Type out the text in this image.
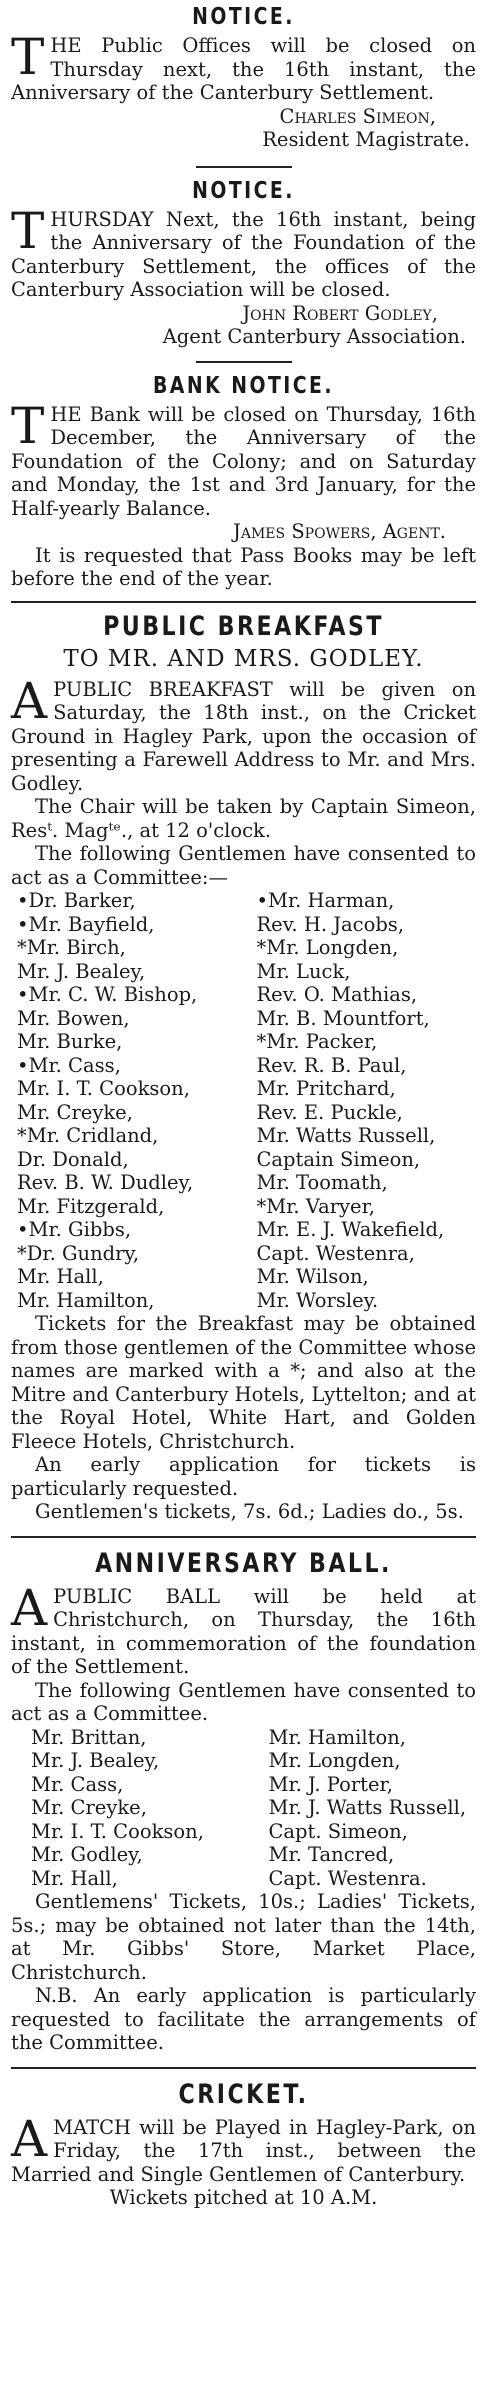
NOTICE.

THE Public Offices will be closed on Thursday next, the 16th instant, the Anniversary of the Canterbury Settlement.

Charles Simeon,

Resident Magistrate.

NOTICE.

THURSDAY Next, the 16th instant, being the Anniversary of the Foundation of the Canterbury Settlement, the offices of the Canterbury Association will be closed.

John Robert Godley,

Agent Canterbury Association.

BANK NOTICE.

THE Bank will be closed on Thursday, 16th December, the Anniversary of the Foundation of the Colony; and on Saturday and Monday, the 1st and 3rd January, for the Half-yearly Balance.

James Spowers, Agent.

It is requested that Pass Books may be left before the end of the year.

PUBLIC BREAKFAST
TO MR. AND MRS. GODLEY.

APUBLIC BREAKFAST will be given on Saturday, the 18th inst., on the Cricket Ground in Hagley Park, upon the occasion of presenting a Farewell Address to Mr. and Mrs. Godley.

The Chair will be taken by Captain Simeon, Resᵗ. Magᵗᵉ., at 12 o'clock.

The following Gentlemen have consented to act as a Committee:—

•Dr. Barker,
•Mr. Bayfield,
*Mr. Birch,
Mr. J. Bealey,
•Mr. C. W. Bishop,
Mr. Bowen,
Mr. Burke,
•Mr. Cass,
Mr. I. T. Cookson,
Mr. Creyke,
*Mr. Cridland,
Dr. Donald,
Rev. B. W. Dudley,
Mr. Fitzgerald,
•Mr. Gibbs,
*Dr. Gundry,
Mr. Hall,
Mr. Hamilton,
•Mr. Harman,
Rev. H. Jacobs,
*Mr. Longden,
Mr. Luck,
Rev. O. Mathias,
Mr. B. Mountfort,
*Mr. Packer,
Rev. R. B. Paul,
Mr. Pritchard,
Rev. E. Puckle,
Mr. Watts Russell,
Captain Simeon,
Mr. Toomath,
*Mr. Varyer,
Mr. E. J. Wakefield,
Capt. Westenra,
Mr. Wilson,
Mr. Worsley.

Tickets for the Breakfast may be obtained from those gentlemen of the Committee whose names are marked with a *; and also at the Mitre and Canterbury Hotels, Lyttelton; and at the Royal Hotel, White Hart, and Golden Fleece Hotels, Christchurch.

An early application for tickets is particularly requested.

Gentlemen's tickets, 7s. 6d.; Ladies do., 5s.

ANNIVERSARY BALL.

APUBLIC BALL will be held at Christchurch, on Thursday, the 16th instant, in commemoration of the foundation of the Settlement.

The following Gentlemen have consented to act as a Committee.

Mr. Brittan,
Mr. J. Bealey,
Mr. Cass,
Mr. Creyke,
Mr. I. T. Cookson,
Mr. Godley,
Mr. Hall,
Mr. Hamilton,
Mr. Longden,
Mr. J. Porter,
Mr. J. Watts Russell,
Capt. Simeon,
Mr. Tancred,
Capt. Westenra.

Gentlemens' Tickets, 10s.; Ladies' Tickets, 5s.; may be obtained not later than the 14th, at Mr. Gibbs' Store, Market Place, Christchurch.

N.B. An early application is particularly requested to facilitate the arrangements of the Committee.

CRICKET.

AMATCH will be Played in Hagley-Park, on Friday, the 17th inst., between the Married and Single Gentlemen of Canterbury.

Wickets pitched at 10 A.M.
